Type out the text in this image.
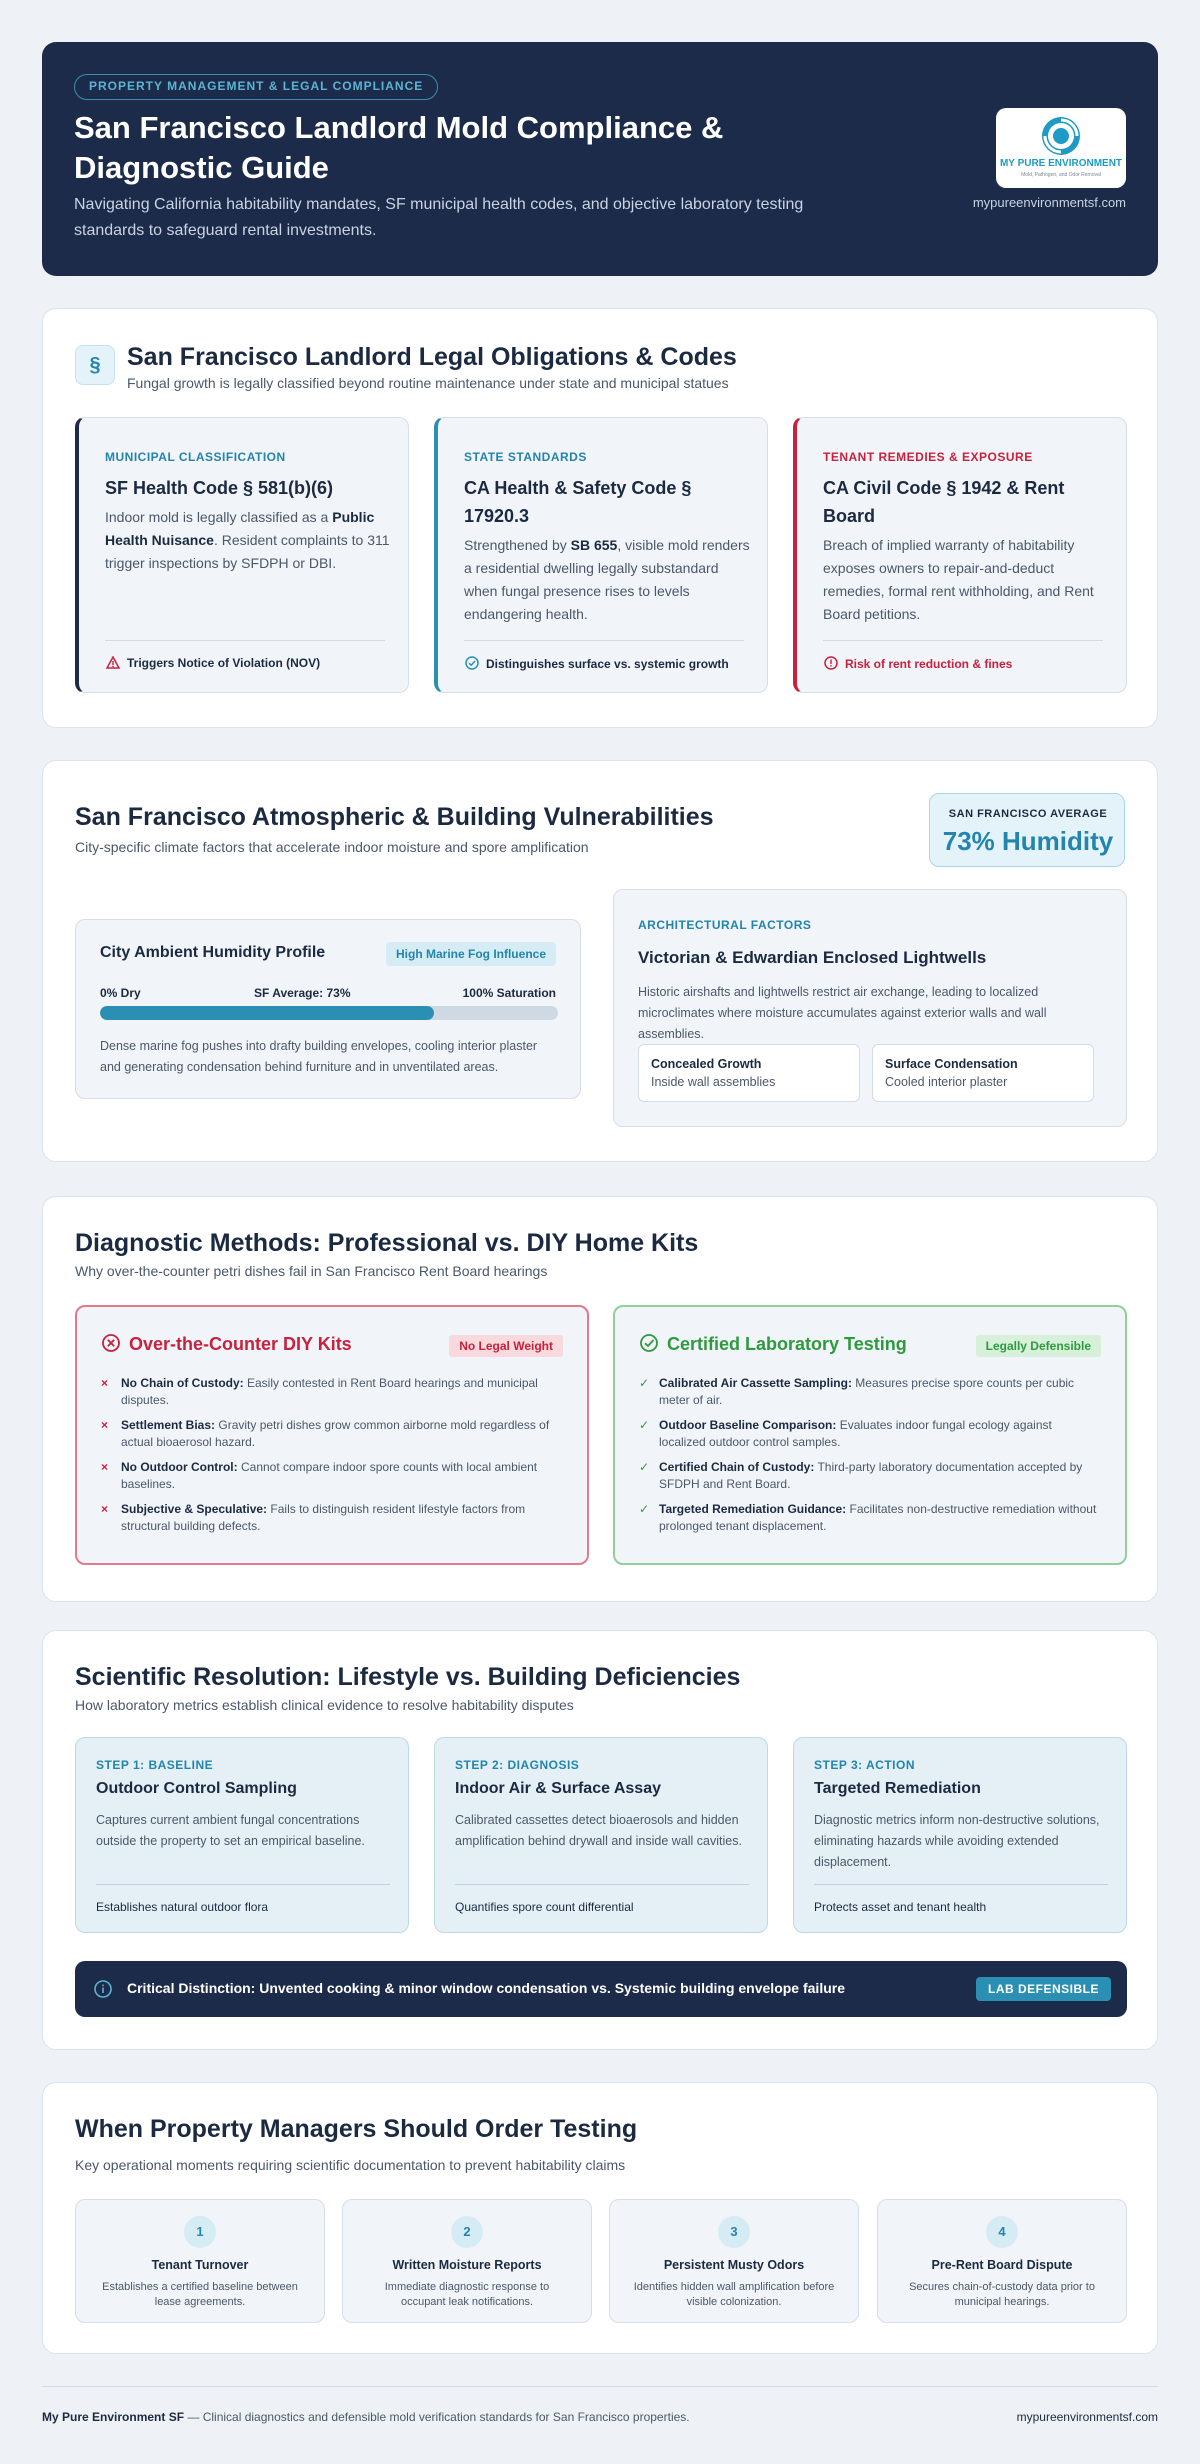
PROPERTY MANAGEMENT & LEGAL COMPLIANCE
San Francisco Landlord Mold Compliance & Diagnostic Guide
Navigating California habitability mandates, SF municipal health codes, and objective laboratory testing standards to safeguard rental investments.
MY PURE ENVIRONMENT
Mold, Pathogen, and Odor Removal
mypureenvironmentsf.com
§	San Francisco Landlord Legal Obligations & Codes
Fungal growth is legally classified beyond routine maintenance under state and municipal statues
MUNICIPAL CLASSIFICATION
SF Health Code § 581(b)(6)
Indoor mold is legally classified as a Public Health Nuisance. Resident complaints to 311 trigger inspections by SFDPH or DBI.
Triggers Notice of Violation (NOV)
STATE STANDARDS
CA Health & Safety Code § 17920.3
Strengthened by SB 655, visible mold renders a residential dwelling legally substandard when fungal presence rises to levels endangering health.
Distinguishes surface vs. systemic growth
TENANT REMEDIES & EXPOSURE
CA Civil Code § 1942 & Rent Board
Breach of implied warranty of habitability exposes owners to repair-and-deduct remedies, formal rent withholding, and Rent Board petitions.
Risk of rent reduction & fines
San Francisco Atmospheric & Building Vulnerabilities
City-specific climate factors that accelerate indoor moisture and spore amplification
SAN FRANCISCO AVERAGE
73% Humidity
City Ambient Humidity Profile	High Marine Fog Influence
0% Dry	SF Average: 73%	100% Saturation
Dense marine fog pushes into drafty building envelopes, cooling interior plaster and generating condensation behind furniture and in unventilated areas.
ARCHITECTURAL FACTORS
Victorian & Edwardian Enclosed Lightwells
Historic airshafts and lightwells restrict air exchange, leading to localized microclimates where moisture accumulates against exterior walls and wall assemblies.
Concealed Growth
Inside wall assemblies
Surface Condensation
Cooled interior plaster
Diagnostic Methods: Professional vs. DIY Home Kits
Why over-the-counter petri dishes fail in San Francisco Rent Board hearings
Over-the-Counter DIY Kits	No Legal Weight
× No Chain of Custody: Easily contested in Rent Board hearings and municipal disputes.
× Settlement Bias: Gravity petri dishes grow common airborne mold regardless of actual bioaerosol hazard.
× No Outdoor Control: Cannot compare indoor spore counts with local ambient baselines.
× Subjective & Speculative: Fails to distinguish resident lifestyle factors from structural building defects.
Certified Laboratory Testing	Legally Defensible
✓ Calibrated Air Cassette Sampling: Measures precise spore counts per cubic meter of air.
✓ Outdoor Baseline Comparison: Evaluates indoor fungal ecology against localized outdoor control samples.
✓ Certified Chain of Custody: Third-party laboratory documentation accepted by SFDPH and Rent Board.
✓ Targeted Remediation Guidance: Facilitates non-destructive remediation without prolonged tenant displacement.
Scientific Resolution: Lifestyle vs. Building Deficiencies
How laboratory metrics establish clinical evidence to resolve habitability disputes
STEP 1: BASELINE
Outdoor Control Sampling
Captures current ambient fungal concentrations outside the property to set an empirical baseline.
Establishes natural outdoor flora
STEP 2: DIAGNOSIS
Indoor Air & Surface Assay
Calibrated cassettes detect bioaerosols and hidden amplification behind drywall and inside wall cavities.
Quantifies spore count differential
STEP 3: ACTION
Targeted Remediation
Diagnostic metrics inform non-destructive solutions, eliminating hazards while avoiding extended displacement.
Protects asset and tenant health
Critical Distinction: Unvented cooking & minor window condensation vs. Systemic building envelope failure	LAB DEFENSIBLE
When Property Managers Should Order Testing
Key operational moments requiring scientific documentation to prevent habitability claims
1
Tenant Turnover
Establishes a certified baseline between lease agreements.
2
Written Moisture Reports
Immediate diagnostic response to occupant leak notifications.
3
Persistent Musty Odors
Identifies hidden wall amplification before visible colonization.
4
Pre-Rent Board Dispute
Secures chain-of-custody data prior to municipal hearings.
My Pure Environment SF — Clinical diagnostics and defensible mold verification standards for San Francisco properties.	mypureenvironmentsf.com
